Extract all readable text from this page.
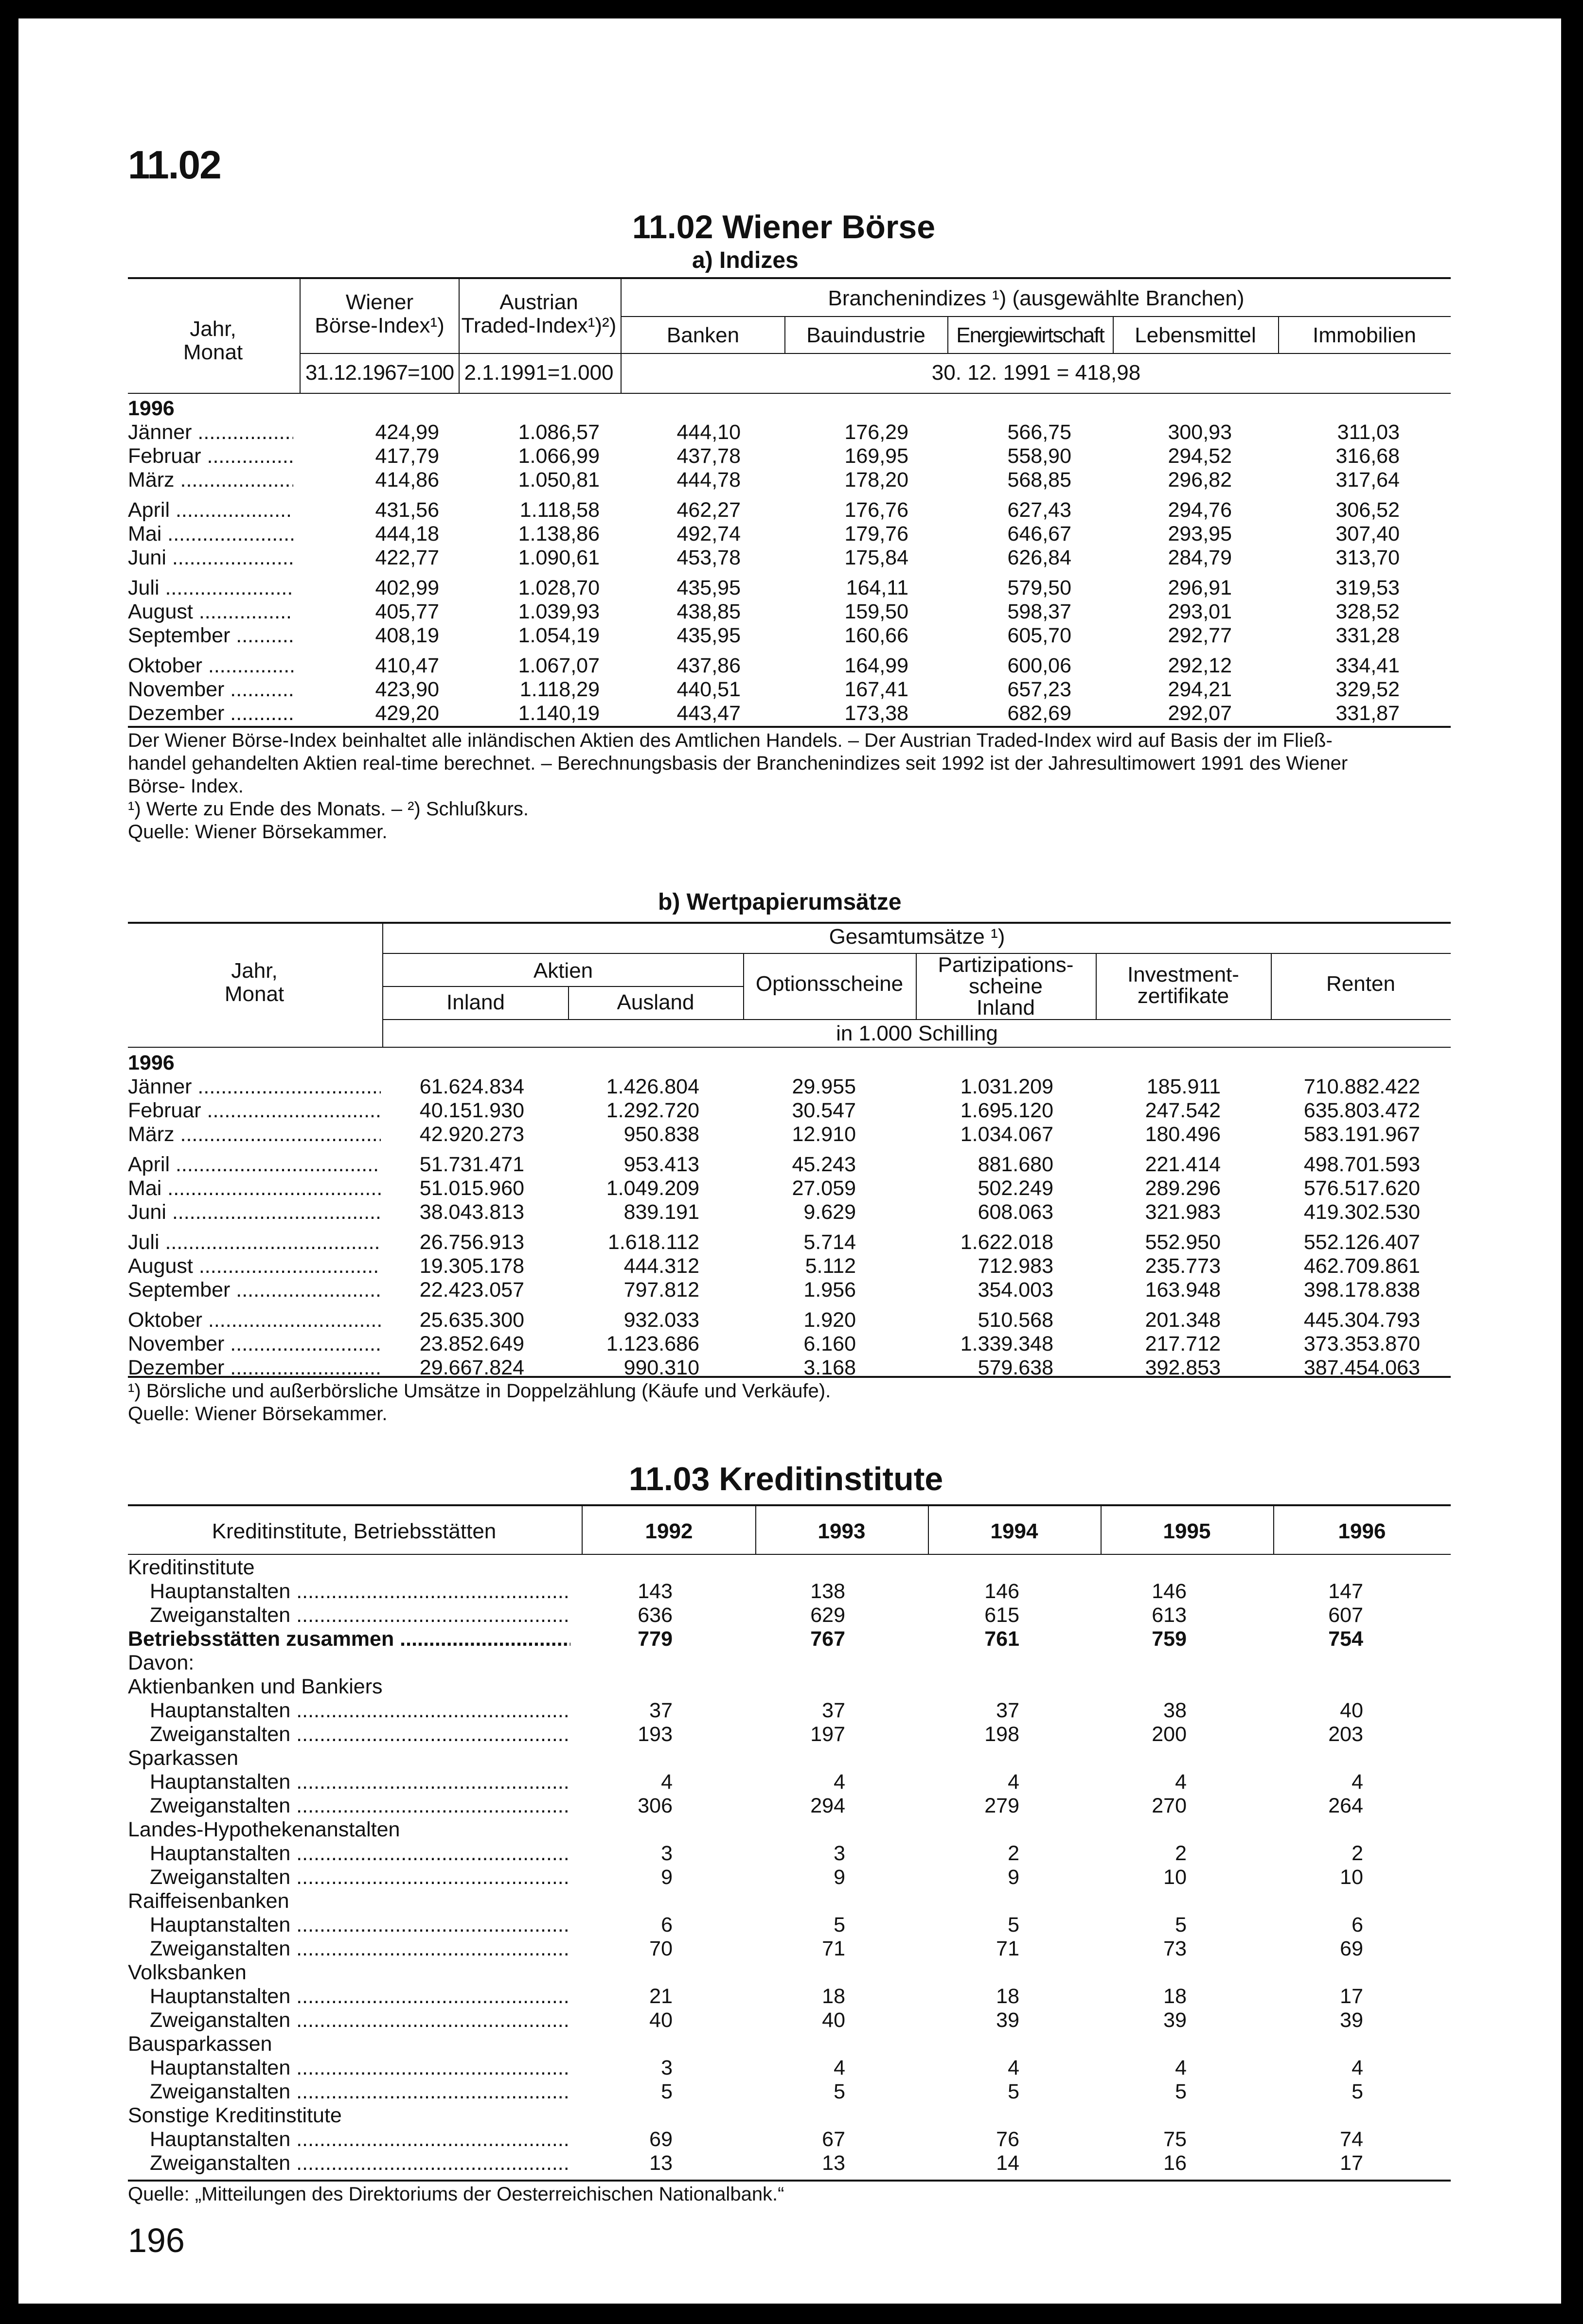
11.02
11.02 Wiener Börse
a) Indizes
Jahr,
Monat
Wiener
Börse-Index¹)
Austrian
Traded-Index¹)²)
Branchenindizes ¹) (ausgewählte Branchen)
Banken	Bauindustrie	Energiewirtschaft	Lebensmittel	Immobilien
31.12.1967=100 2.1.1991=1.000	30. 12. 1991 = 418,98
1996
Jänner .....	424,99	1.086,57	444,10	176,29	566,75	300,93	311,03
Februar .....	417,79	1.066,99	437,78	169,95	558,90	294,52	316,68
März .....	414,86	1.050,81	444,78	178,20	568,85	296,82	317,64
April .....	431,56	1.118,58	462,27	176,76	627,43	294,76	306,52
Mai .....	444,18	1.138,86	492,74	179,76	646,67	293,95	307,40
Juni .....	422,77	1.090,61	453,78	175,84	626,84	284,79	313,70
Juli .....	402,99	1.028,70	435,95	164,11	579,50	296,91	319,53
August .....	405,77	1.039,93	438,85	159,50	598,37	293,01	328,52
September .....	408,19	1.054,19	435,95	160,66	605,70	292,77	331,28
Oktober .....	410,47	1.067,07	437,86	164,99	600,06	292,12	334,41
November .....	423,90	1.118,29	440,51	167,41	657,23	294,21	329,52
Dezember .....	429,20	1.140,19	443,47	173,38	682,69	292,07	331,87
Der Wiener Börse-Index beinhaltet alle inländischen Aktien des Amtlichen Handels. – Der Austrian Traded-Index wird auf Basis der im Fließ-
handel gehandelten Aktien real-time berechnet. – Berechnungsbasis der Branchenindizes seit 1992 ist der Jahresultimowert 1991 des Wiener
Börse- Index.
¹) Werte zu Ende des Monats. – ²) Schlußkurs.
Quelle: Wiener Börsekammer.
b) Wertpapierumsätze
Jahr,
Monat
Gesamtumsätze ¹)
Aktien
Inland	Ausland
Optionsscheine
Partizipations-
scheine
Inland
Investment-
zertifikate
Renten
in 1.000 Schilling
1996
Jänner .....	61.624.834	1.426.804	29.955	1.031.209	185.911	710.882.422
Februar .....	40.151.930	1.292.720	30.547	1.695.120	247.542	635.803.472
März .....	42.920.273	950.838	12.910	1.034.067	180.496	583.191.967
April .....	51.731.471	953.413	45.243	881.680	221.414	498.701.593
Mai .....	51.015.960	1.049.209	27.059	502.249	289.296	576.517.620
Juni .....	38.043.813	839.191	9.629	608.063	321.983	419.302.530
Juli .....	26.756.913	1.618.112	5.714	1.622.018	552.950	552.126.407
August .....	19.305.178	444.312	5.112	712.983	235.773	462.709.861
September .....	22.423.057	797.812	1.956	354.003	163.948	398.178.838
Oktober .....	25.635.300	932.033	1.920	510.568	201.348	445.304.793
November .....	23.852.649	1.123.686	6.160	1.339.348	217.712	373.353.870
Dezember .....	29.667.824	990.310	3.168	579.638	392.853	387.454.063
¹) Börsliche und außerbörsliche Umsätze in Doppelzählung (Käufe und Verkäufe).
Quelle: Wiener Börsekammer.
11.03 Kreditinstitute
Kreditinstitute, Betriebsstätten	1992	1993	1994	1995	1996
Kreditinstitute
Hauptanstalten .....	143	138	146	146	147
Zweiganstalten .....	636	629	615	613	607
Betriebsstätten zusammen .....	779	767	761	759	754
Davon:
Aktienbanken und Bankiers
Hauptanstalten .....	37	37	37	38	40
Zweiganstalten .....	193	197	198	200	203
Sparkassen
Hauptanstalten .....	4	4	4	4	4
Zweiganstalten .....	306	294	279	270	264
Landes-Hypothekenanstalten
Hauptanstalten .....	3	3	2	2	2
Zweiganstalten .....	9	9	9	10	10
Raiffeisenbanken
Hauptanstalten .....	6	5	5	5	6
Zweiganstalten .....	70	71	71	73	69
Volksbanken
Hauptanstalten .....	21	18	18	18	17
Zweiganstalten .....	40	40	39	39	39
Bausparkassen
Hauptanstalten .....	3	4	4	4	4
Zweiganstalten .....	5	5	5	5	5
Sonstige Kreditinstitute
Hauptanstalten .....	69	67	76	75	74
Zweiganstalten .....	13	13	14	16	17
Quelle: „Mitteilungen des Direktoriums der Oesterreichischen Nationalbank.“
196
